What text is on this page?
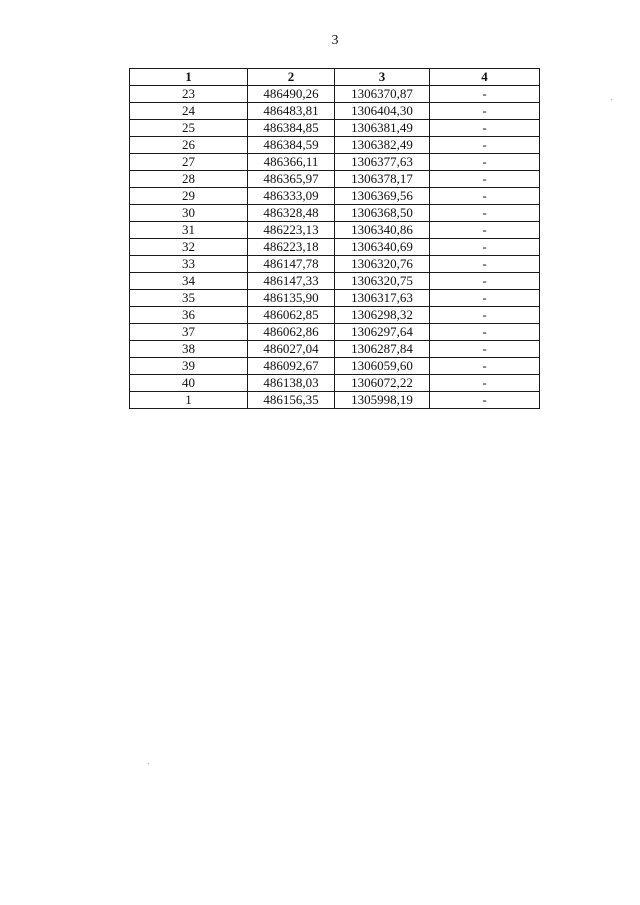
3
1	2	3	4
23	486490,26	1306370,87	-
24	486483,81	1306404,30	-
25	486384,85	1306381,49	-
26	486384,59	1306382,49	-
27	486366,11	1306377,63	-
28	486365,97	1306378,17	-
29	486333,09	1306369,56	-
30	486328,48	1306368,50	-
31	486223,13	1306340,86	-
32	486223,18	1306340,69	-
33	486147,78	1306320,76	-
34	486147,33	1306320,75	-
35	486135,90	1306317,63	-
36	486062,85	1306298,32	-
37	486062,86	1306297,64	-
38	486027,04	1306287,84	-
39	486092,67	1306059,60	-
40	486138,03	1306072,22	-
1	486156,35	1305998,19	-
